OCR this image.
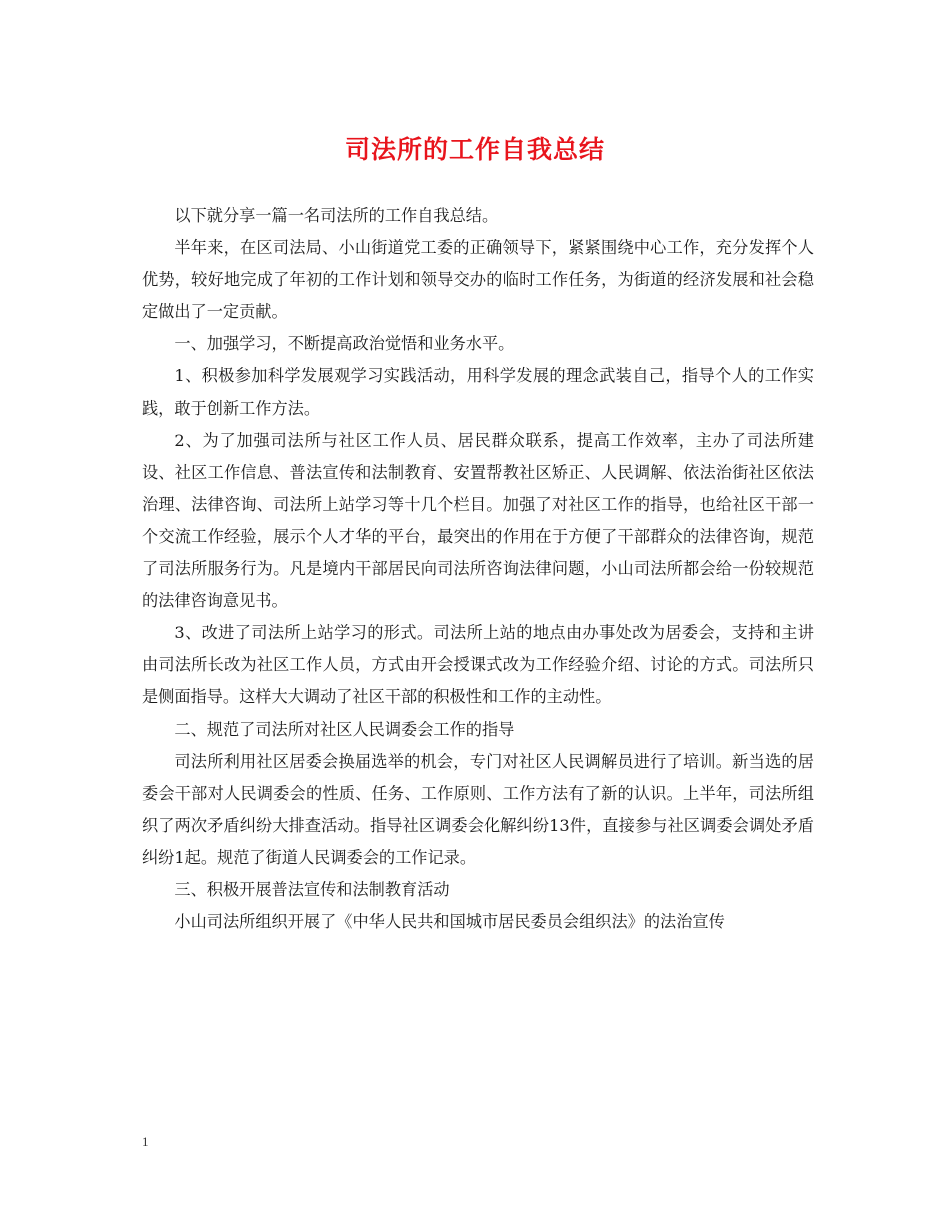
司法所的工作自我总结

以下就分享一篇一名司法所的工作自我总结。

半年来，在区司法局、小山街道党工委的正确领导下，紧紧围绕中心工作，充分发挥个人优势，较好地完成了年初的工作计划和领导交办的临时工作任务，为街道的经济发展和社会稳定做出了一定贡献。

一、加强学习，不断提高政治觉悟和业务水平。

1、积极参加科学发展观学习实践活动，用科学发展的理念武装自己，指导个人的工作实践，敢于创新工作方法。

2、为了加强司法所与社区工作人员、居民群众联系，提高工作效率，主办了司法所建设、社区工作信息、普法宣传和法制教育、安置帮教社区矫正、人民调解、依法治街社区依法治理、法律咨询、司法所上站学习等十几个栏目。加强了对社区工作的指导，也给社区干部一个交流工作经验，展示个人才华的平台，最突出的作用在于方便了干部群众的法律咨询，规范了司法所服务行为。凡是境内干部居民向司法所咨询法律问题，小山司法所都会给一份较规范的法律咨询意见书。

3、改进了司法所上站学习的形式。司法所上站的地点由办事处改为居委会，支持和主讲由司法所长改为社区工作人员，方式由开会授课式改为工作经验介绍、讨论的方式。司法所只是侧面指导。这样大大调动了社区干部的积极性和工作的主动性。

二、规范了司法所对社区人民调委会工作的指导

司法所利用社区居委会换届选举的机会，专门对社区人民调解员进行了培训。新当选的居委会干部对人民调委会的性质、任务、工作原则、工作方法有了新的认识。上半年，司法所组织了两次矛盾纠纷大排查活动。指导社区调委会化解纠纷13件，直接参与社区调委会调处矛盾纠纷1起。规范了街道人民调委会的工作记录。

三、积极开展普法宣传和法制教育活动

小山司法所组织开展了《中华人民共和国城市居民委员会组织法》的法治宣传

1
